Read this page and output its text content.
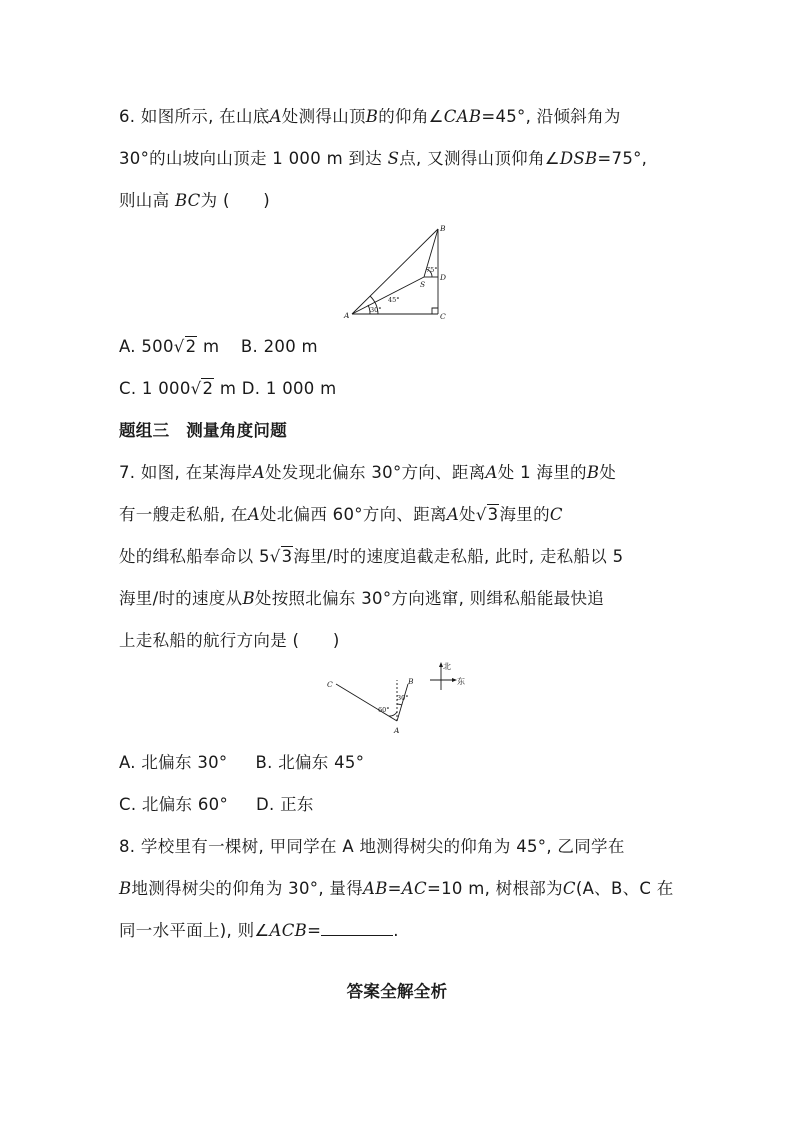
6. 如图所示, 在山底A处测得山顶B的仰角∠CAB=45°, 沿倾斜角为
30°的山坡向山顶走 1 000 m 到达 S点, 又测得山顶仰角∠DSB=75°,
则山高 BC为 (　　)
A
B
C
D
S
30°
45°
75°
A. 500√2 m B. 200 m
C. 1 000√2 m D. 1 000 m
题组三　测量角度问题
7. 如图, 在某海岸A处发现北偏东 30°方向、距离A处 1 海里的B处
有一艘走私船, 在A处北偏西 60°方向、距离A处√3海里的C
处的缉私船奉命以 5√3海里/时的速度追截走私船, 此时, 走私船以 5
海里/时的速度从B处按照北偏东 30°方向逃窜, 则缉私船能最快追
上走私船的航行方向是 (　　)
C
A
B
60°
30°
北
东
A. 北偏东 30° B. 北偏东 45°
C. 北偏东 60° D. 正东
8. 学校里有一棵树, 甲同学在 A 地测得树尖的仰角为 45°, 乙同学在
B地测得树尖的仰角为 30°, 量得AB=AC=10 m, 树根部为C(A、B、C 在
同一水平面上), 则∠ACB=	.
答案全解全析
